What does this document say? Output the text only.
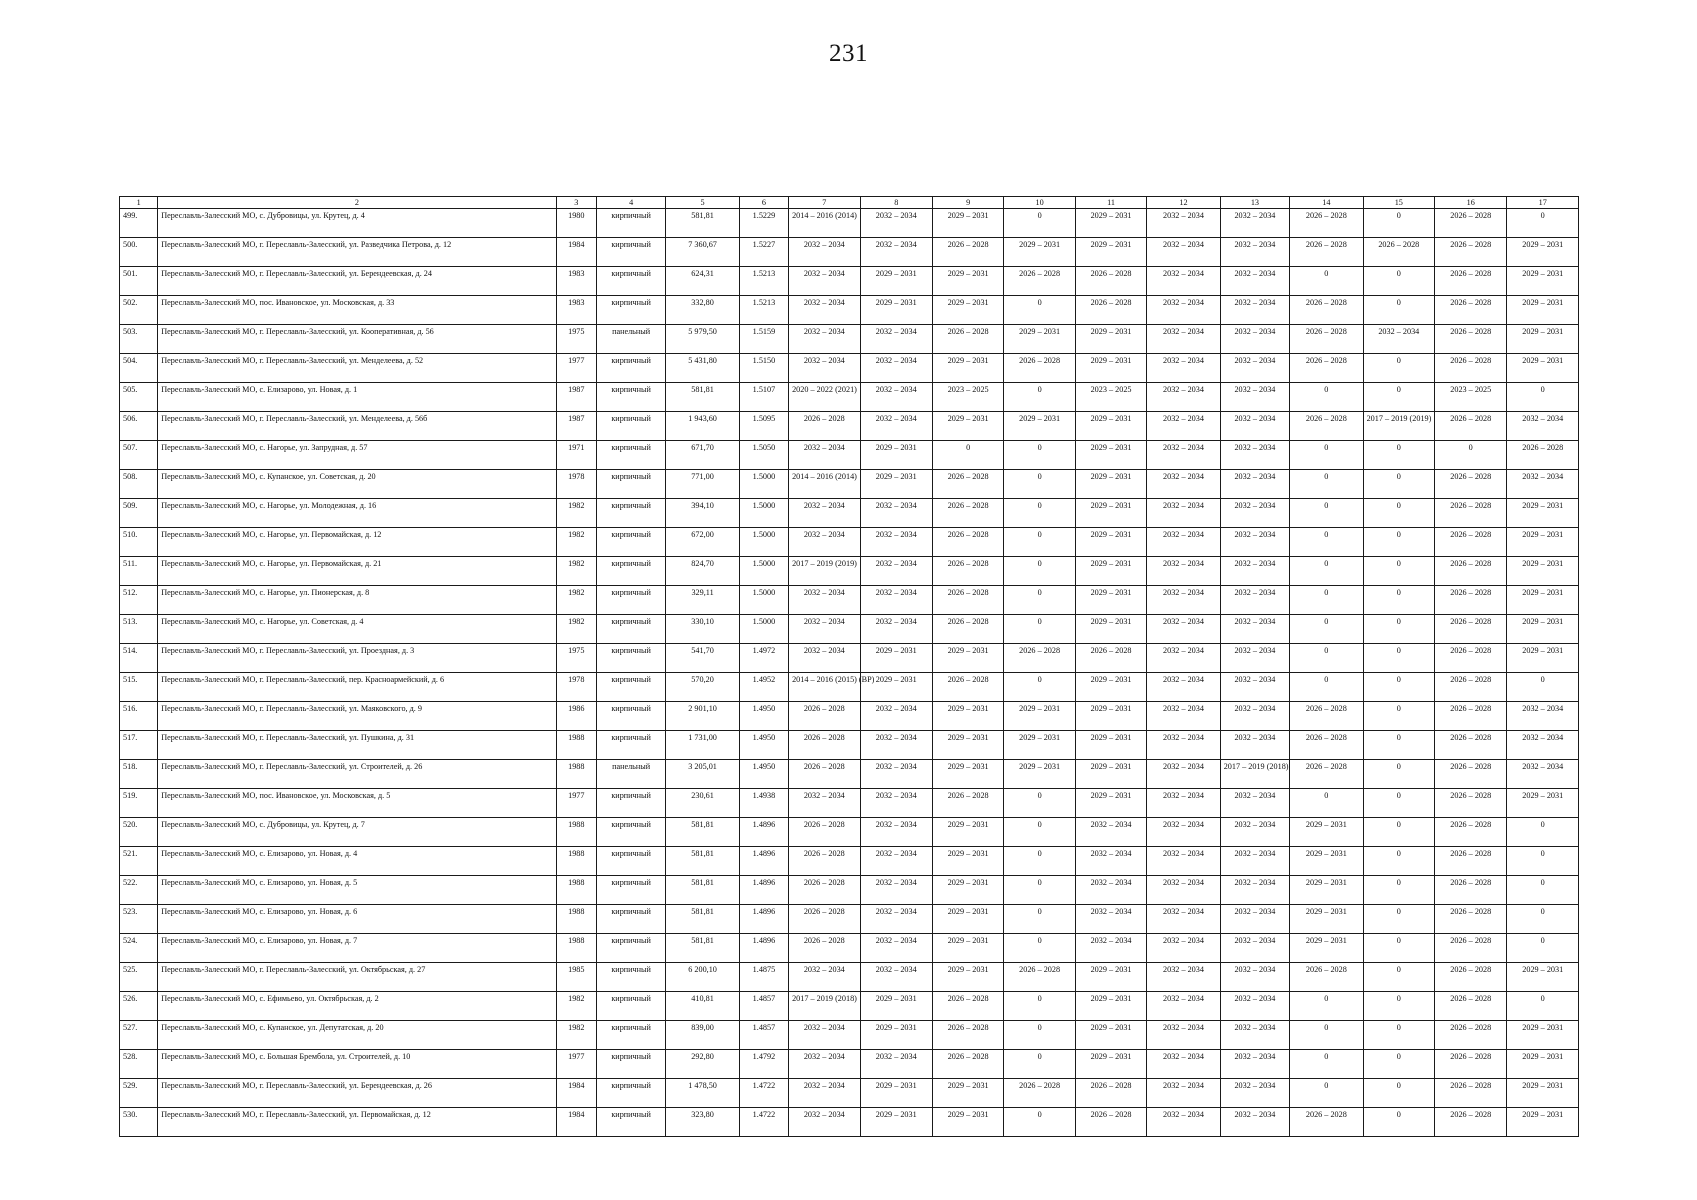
231
1	2	3	4	5	6	7	8	9	10	11	12	13	14	15	16	17
499.	Переславль-Залесский МО, с. Дубровицы, ул. Крутец, д. 4	1980	кирпичный	581,81	1.5229	2014 – 2016 (2014)	2032 – 2034	2029 – 2031	0	2029 – 2031	2032 – 2034	2032 – 2034	2026 – 2028	0	2026 – 2028	0
500.	Переславль-Залесский МО, г. Переславль-Залесский, ул. Разведчика Петрова, д. 12	1984	кирпичный	7 360,67	1.5227	2032 – 2034	2032 – 2034	2026 – 2028	2029 – 2031	2029 – 2031	2032 – 2034	2032 – 2034	2026 – 2028	2026 – 2028	2026 – 2028	2029 – 2031
501.	Переславль-Залесский МО, г. Переславль-Залесский, ул. Берендеевская, д. 24	1983	кирпичный	624,31	1.5213	2032 – 2034	2029 – 2031	2029 – 2031	2026 – 2028	2026 – 2028	2032 – 2034	2032 – 2034	0	0	2026 – 2028	2029 – 2031
502.	Переславль-Залесский МО, пос. Ивановское, ул. Московская, д. 33	1983	кирпичный	332,80	1.5213	2032 – 2034	2029 – 2031	2029 – 2031	0	2026 – 2028	2032 – 2034	2032 – 2034	2026 – 2028	0	2026 – 2028	2029 – 2031
503.	Переславль-Залесский МО, г. Переславль-Залесский, ул. Кооперативная, д. 56	1975	панельный	5 979,50	1.5159	2032 – 2034	2032 – 2034	2026 – 2028	2029 – 2031	2029 – 2031	2032 – 2034	2032 – 2034	2026 – 2028	2032 – 2034	2026 – 2028	2029 – 2031
504.	Переславль-Залесский МО, г. Переславль-Залесский, ул. Менделеева, д. 52	1977	кирпичный	5 431,80	1.5150	2032 – 2034	2032 – 2034	2029 – 2031	2026 – 2028	2029 – 2031	2032 – 2034	2032 – 2034	2026 – 2028	0	2026 – 2028	2029 – 2031
505.	Переславль-Залесский МО, с. Елизарово, ул. Новая, д. 1	1987	кирпичный	581,81	1.5107	2020 – 2022 (2021)	2032 – 2034	2023 – 2025	0	2023 – 2025	2032 – 2034	2032 – 2034	0	0	2023 – 2025	0
506.	Переславль-Залесский МО, г. Переславль-Залесский, ул. Менделеева, д. 56б	1987	кирпичный	1 943,60	1.5095	2026 – 2028	2032 – 2034	2029 – 2031	2029 – 2031	2029 – 2031	2032 – 2034	2032 – 2034	2026 – 2028	2017 – 2019 (2019)	2026 – 2028	2032 – 2034
507.	Переславль-Залесский МО, с. Нагорье, ул. Запрудная, д. 57	1971	кирпичный	671,70	1.5050	2032 – 2034	2029 – 2031	0	0	2029 – 2031	2032 – 2034	2032 – 2034	0	0	0	2026 – 2028
508.	Переславль-Залесский МО, с. Купанское, ул. Советская, д. 20	1978	кирпичный	771,00	1.5000	2014 – 2016 (2014)	2029 – 2031	2026 – 2028	0	2029 – 2031	2032 – 2034	2032 – 2034	0	0	2026 – 2028	2032 – 2034
509.	Переславль-Залесский МО, с. Нагорье, ул. Молодежная, д. 16	1982	кирпичный	394,10	1.5000	2032 – 2034	2032 – 2034	2026 – 2028	0	2029 – 2031	2032 – 2034	2032 – 2034	0	0	2026 – 2028	2029 – 2031
510.	Переславль-Залесский МО, с. Нагорье, ул. Первомайская, д. 12	1982	кирпичный	672,00	1.5000	2032 – 2034	2032 – 2034	2026 – 2028	0	2029 – 2031	2032 – 2034	2032 – 2034	0	0	2026 – 2028	2029 – 2031
511.	Переславль-Залесский МО, с. Нагорье, ул. Первомайская, д. 21	1982	кирпичный	824,70	1.5000	2017 – 2019 (2019)	2032 – 2034	2026 – 2028	0	2029 – 2031	2032 – 2034	2032 – 2034	0	0	2026 – 2028	2029 – 2031
512.	Переславль-Залесский МО, с. Нагорье, ул. Пионерская, д. 8	1982	кирпичный	329,11	1.5000	2032 – 2034	2032 – 2034	2026 – 2028	0	2029 – 2031	2032 – 2034	2032 – 2034	0	0	2026 – 2028	2029 – 2031
513.	Переславль-Залесский МО, с. Нагорье, ул. Советская, д. 4	1982	кирпичный	330,10	1.5000	2032 – 2034	2032 – 2034	2026 – 2028	0	2029 – 2031	2032 – 2034	2032 – 2034	0	0	2026 – 2028	2029 – 2031
514.	Переславль-Залесский МО, г. Переславль-Залесский, ул. Проездная, д. 3	1975	кирпичный	541,70	1.4972	2032 – 2034	2029 – 2031	2029 – 2031	2026 – 2028	2026 – 2028	2032 – 2034	2032 – 2034	0	0	2026 – 2028	2029 – 2031
515.	Переславль-Залесский МО, г. Переславль-Залесский, пер. Красноармейский, д. 6	1978	кирпичный	570,20	1.4952	2014 – 2016 (2015) (ВР)	2029 – 2031	2026 – 2028	0	2029 – 2031	2032 – 2034	2032 – 2034	0	0	2026 – 2028	0
516.	Переславль-Залесский МО, г. Переславль-Залесский, ул. Маяковского, д. 9	1986	кирпичный	2 901,10	1.4950	2026 – 2028	2032 – 2034	2029 – 2031	2029 – 2031	2029 – 2031	2032 – 2034	2032 – 2034	2026 – 2028	0	2026 – 2028	2032 – 2034
517.	Переславль-Залесский МО, г. Переславль-Залесский, ул. Пушкина, д. 31	1988	кирпичный	1 731,00	1.4950	2026 – 2028	2032 – 2034	2029 – 2031	2029 – 2031	2029 – 2031	2032 – 2034	2032 – 2034	2026 – 2028	0	2026 – 2028	2032 – 2034
518.	Переславль-Залесский МО, г. Переславль-Залесский, ул. Строителей, д. 26	1988	панельный	3 205,01	1.4950	2026 – 2028	2032 – 2034	2029 – 2031	2029 – 2031	2029 – 2031	2032 – 2034	2017 – 2019 (2018)	2026 – 2028	0	2026 – 2028	2032 – 2034
519.	Переславль-Залесский МО, пос. Ивановское, ул. Московская, д. 5	1977	кирпичный	230,61	1.4938	2032 – 2034	2032 – 2034	2026 – 2028	0	2029 – 2031	2032 – 2034	2032 – 2034	0	0	2026 – 2028	2029 – 2031
520.	Переславль-Залесский МО, с. Дубровицы, ул. Крутец, д. 7	1988	кирпичный	581,81	1.4896	2026 – 2028	2032 – 2034	2029 – 2031	0	2032 – 2034	2032 – 2034	2032 – 2034	2029 – 2031	0	2026 – 2028	0
521.	Переславль-Залесский МО, с. Елизарово, ул. Новая, д. 4	1988	кирпичный	581,81	1.4896	2026 – 2028	2032 – 2034	2029 – 2031	0	2032 – 2034	2032 – 2034	2032 – 2034	2029 – 2031	0	2026 – 2028	0
522.	Переславль-Залесский МО, с. Елизарово, ул. Новая, д. 5	1988	кирпичный	581,81	1.4896	2026 – 2028	2032 – 2034	2029 – 2031	0	2032 – 2034	2032 – 2034	2032 – 2034	2029 – 2031	0	2026 – 2028	0
523.	Переславль-Залесский МО, с. Елизарово, ул. Новая, д. 6	1988	кирпичный	581,81	1.4896	2026 – 2028	2032 – 2034	2029 – 2031	0	2032 – 2034	2032 – 2034	2032 – 2034	2029 – 2031	0	2026 – 2028	0
524.	Переславль-Залесский МО, с. Елизарово, ул. Новая, д. 7	1988	кирпичный	581,81	1.4896	2026 – 2028	2032 – 2034	2029 – 2031	0	2032 – 2034	2032 – 2034	2032 – 2034	2029 – 2031	0	2026 – 2028	0
525.	Переславль-Залесский МО, г. Переславль-Залесский, ул. Октябрьская, д. 27	1985	кирпичный	6 200,10	1.4875	2032 – 2034	2032 – 2034	2029 – 2031	2026 – 2028	2029 – 2031	2032 – 2034	2032 – 2034	2026 – 2028	0	2026 – 2028	2029 – 2031
526.	Переславль-Залесский МО, с. Ефимьево, ул. Октябрьская, д. 2	1982	кирпичный	410,81	1.4857	2017 – 2019 (2018)	2029 – 2031	2026 – 2028	0	2029 – 2031	2032 – 2034	2032 – 2034	0	0	2026 – 2028	0
527.	Переславль-Залесский МО, с. Купанское, ул. Депутатская, д. 20	1982	кирпичный	839,00	1.4857	2032 – 2034	2029 – 2031	2026 – 2028	0	2029 – 2031	2032 – 2034	2032 – 2034	0	0	2026 – 2028	2029 – 2031
528.	Переславль-Залесский МО, с. Большая Брембола, ул. Строителей, д. 10	1977	кирпичный	292,80	1.4792	2032 – 2034	2032 – 2034	2026 – 2028	0	2029 – 2031	2032 – 2034	2032 – 2034	0	0	2026 – 2028	2029 – 2031
529.	Переславль-Залесский МО, г. Переславль-Залесский, ул. Берендеевская, д. 26	1984	кирпичный	1 478,50	1.4722	2032 – 2034	2029 – 2031	2029 – 2031	2026 – 2028	2026 – 2028	2032 – 2034	2032 – 2034	0	0	2026 – 2028	2029 – 2031
530.	Переславль-Залесский МО, г. Переславль-Залесский, ул. Первомайская, д. 12	1984	кирпичный	323,80	1.4722	2032 – 2034	2029 – 2031	2029 – 2031	0	2026 – 2028	2032 – 2034	2032 – 2034	2026 – 2028	0	2026 – 2028	2029 – 2031
